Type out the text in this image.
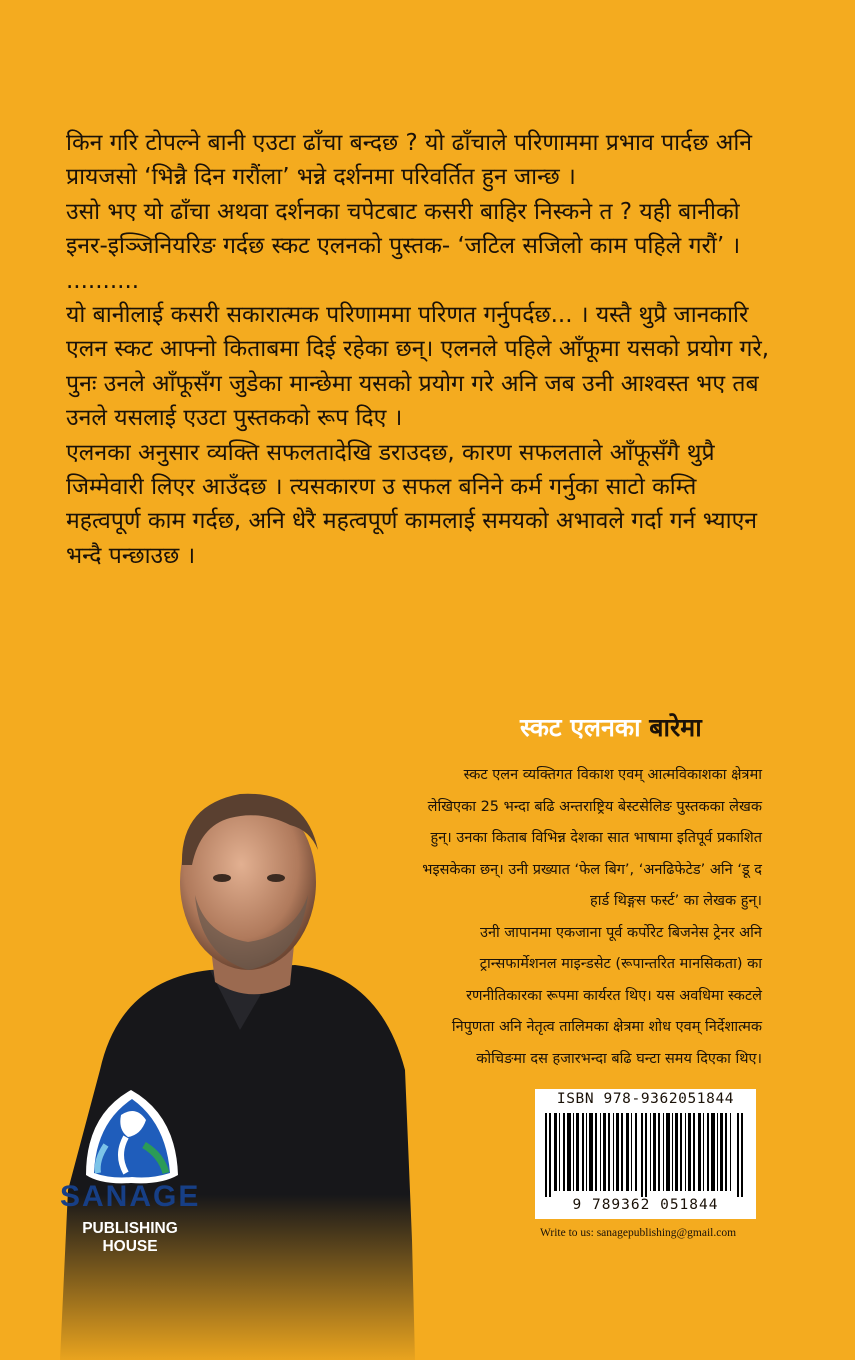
किन गरि टोपल्ने बानी एउटा ढाँचा बन्दछ ? यो ढाँचाले परिणाममा प्रभाव पार्दछ अनि प्रायजसो ‘भिन्नै दिन गरौंला’ भन्ने दर्शनमा परिवर्तित हुन जान्छ ।

उसो भए यो ढाँचा अथवा दर्शनका चपेटबाट कसरी बाहिर निस्कने त ? यही बानीको इनर-इञ्जिनियरिङ गर्दछ स्कट एलनको पुस्तक- ‘जटिल सजिलो काम पहिले गरौं’ । ..........

यो बानीलाई कसरी सकारात्मक परिणाममा परिणत गर्नुपर्दछ... । यस्तै थुप्रै जानकारि एलन स्कट आफ्नो किताबमा दिई रहेका छन्। एलनले पहिले आँफूमा यसको प्रयोग गरे, पुनः उनले आँफूसँग जुडेका मान्छेमा यसको प्रयोग गरे अनि जब उनी आश्वस्त भए तब उनले यसलाई एउटा पुस्तकको रूप दिए ।

एलनका अनुसार व्यक्ति सफलतादेखि डराउदछ, कारण सफलताले आँफूसँगै थुप्रै जिम्मेवारी लिएर आउँदछ । त्यसकारण उ सफल बनिने कर्म गर्नुका साटो कम्ति महत्वपूर्ण काम गर्दछ, अनि धेरै महत्वपूर्ण कामलाई समयको अभावले गर्दा गर्न भ्याएन भन्दै पन्छाउछ ।

स्कट एलनका बारेमा

स्कट एलन व्यक्तिगत विकाश एवम् आत्मविकाशका क्षेत्रमा

लेखिएका 25 भन्दा बढि अन्तराष्ट्रिय बेस्टसेलिङ पुस्तकका लेखक

हुन्। उनका किताब विभिन्न देशका सात भाषामा इतिपूर्व प्रकाशित

भइसकेका छन्। उनी प्रख्यात ‘फेल बिग’, ‘अनढिफेटेड’ अनि ‘डू द

हार्ड थिङ्गस फर्स्ट’ का लेखक हुन्।

उनी जापानमा एकजाना पूर्व कर्पोरेट बिजनेस ट्रेनर अनि

ट्रान्सफार्मेशनल माइन्डसेट (रूपान्तरित मानसिकता) का

रणनीतिकारका रूपमा कार्यरत थिए। यस अवधिमा स्कटले

निपुणता अनि नेतृत्व तालिमका क्षेत्रमा शोध एवम् निर्देशात्मक

कोचिङमा दस हजारभन्दा बढि घन्टा समय दिएका थिए।

SANAGE
PUBLISHING HOUSE
ISBN 978-9362051844
9 789362 051844
Write to us: sanagepublishing@gmail.com
